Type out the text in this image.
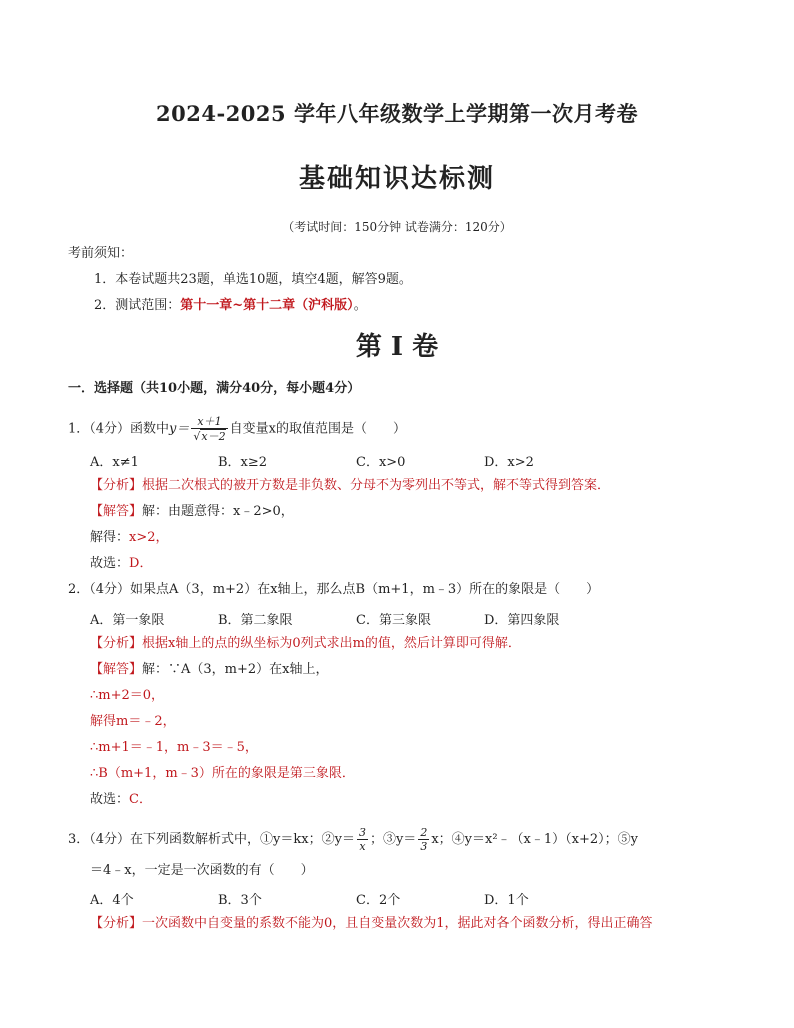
2024-2025 学年八年级数学上学期第一次月考卷
基础知识达标测
（考试时间：150分钟 试卷满分：120分）
考前须知：
1．本卷试题共23题，单选10题，填空4题，解答9题。
2．测试范围：第十一章~第十二章（沪科版）。
第 I 卷
一．选择题（共10小题，满分40分，每小题4分）
1．（4分）函数中$y= \frac{x+1}{√x-2}$ 自变量x的取值范围是（　　）
A．x≠1	B．x≥2	C．x>0	D．x>2
【分析】根据二次根式的被开方数是非负数、分母不为零列出不等式，解不等式得到答案．
【解答】解：由题意得：x﹣2>0，
解得：x>2，
故选：D．
2．（4分）如果点A（3，m+2）在x轴上，那么点B（m+1，m﹣3）所在的象限是（　　）
A．第一象限	B．第二象限	C．第三象限	D．第四象限
【分析】根据x轴上的点的纵坐标为0列式求出m的值，然后计算即可得解．
【解答】解：∵A（3，m+2）在x轴上，
∴m+2＝0，
解得m＝﹣2，
∴m+1＝﹣1，m﹣3＝﹣5，
∴B（m+1，m﹣3）所在的象限是第三象限．
故选：C．
3．（4分）在下列函数解析式中，①y＝kx；②y＝ $\frac{3}{x}$ ；③y＝ $\frac{2}{3}$ x；④y＝x²﹣（x﹣1）（x+2）；⑤y
＝4﹣x，一定是一次函数的有（　　）
A．4个	B．3个	C．2个	D．1个
【分析】一次函数中自变量的系数不能为0，且自变量次数为1，据此对各个函数分析，得出正确答
